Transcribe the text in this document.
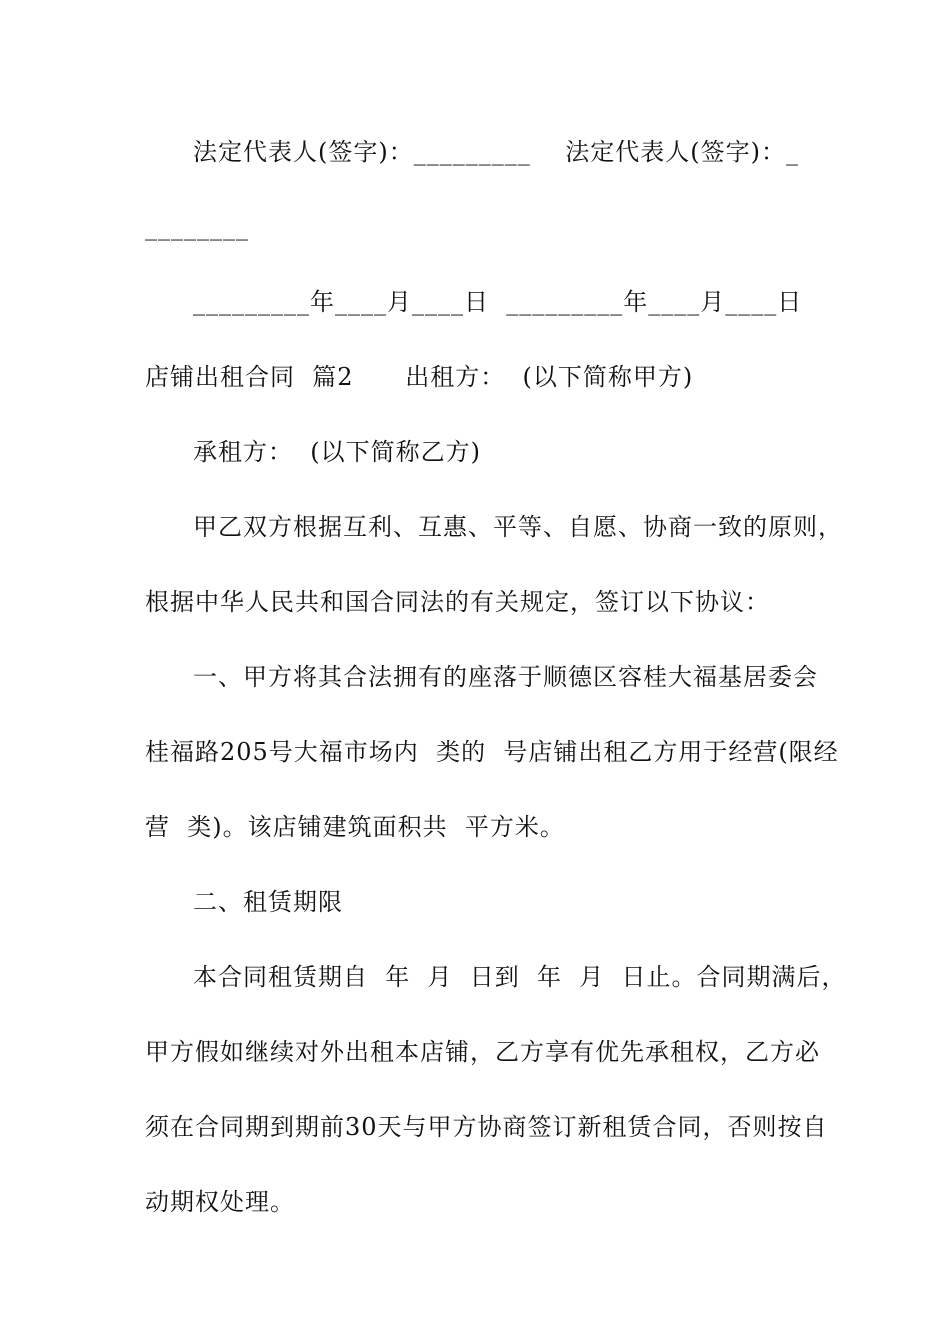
法定代表人(签字)：_________    法定代表人(签字)：_
________
_________年____月____日  _________年____月____日
店铺出租合同  篇2      出租方：  (以下简称甲方)
承租方：  (以下简称乙方)
甲乙双方根据互利、互惠、平等、自愿、协商一致的原则，
根据中华人民共和国合同法的有关规定，签订以下协议：
一、甲方将其合法拥有的座落于顺德区容桂大福基居委会
桂福路205号大福市场内  类的  号店铺出租乙方用于经营(限经
营  类)。该店铺建筑面积共  平方米。
二、租赁期限
本合同租赁期自  年  月  日到  年  月  日止。合同期满后，
甲方假如继续对外出租本店铺，乙方享有优先承租权，乙方必
须在合同期到期前30天与甲方协商签订新租赁合同，否则按自
动期权处理。
